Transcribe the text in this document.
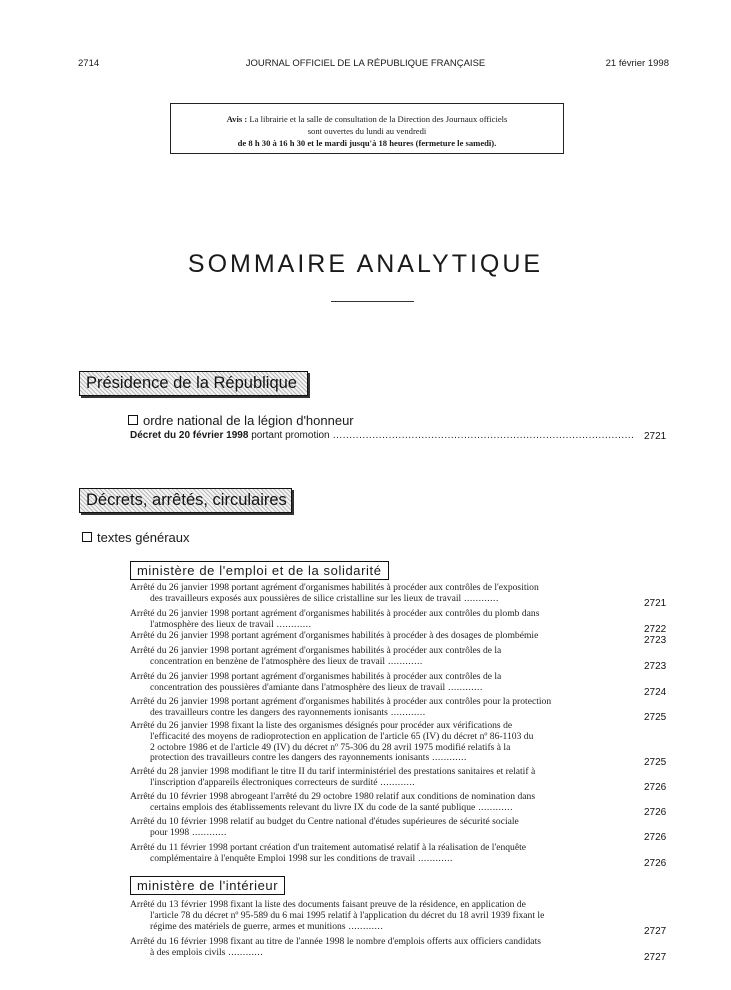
2714	JOURNAL OFFICIEL DE LA RÉPUBLIQUE FRANÇAISE	21 février 1998
Avis : La librairie et la salle de consultation de la Direction des Journaux officiels
sont ouvertes du lundi au vendredi
de 8 h 30 à 16 h 30 et le mardi jusqu'à 18 heures (fermeture le samedi).
SOMMAIRE ANALYTIQUE
Présidence de la République
ordre national de la légion d'honneur
Décret du 20 février 1998 portant promotion ............................................................................................ 2721
Décrets, arrêtés, circulaires
textes généraux
ministère de l'emploi et de la solidarité
Arrêté du 26 janvier 1998 portant agrément d'organismes habilités à procéder aux contrôles de l'exposition
des travailleurs exposés aux poussières de silice cristalline sur les lieux de travail ............	2721
Arrêté du 26 janvier 1998 portant agrément d'organismes habilités à procéder aux contrôles du plomb dans
l'atmosphère des lieux de travail ............	2722
Arrêté du 26 janvier 1998 portant agrément d'organismes habilités à procéder à des dosages de plombémie	2723
Arrêté du 26 janvier 1998 portant agrément d'organismes habilités à procéder aux contrôles de la
concentration en benzène de l'atmosphère des lieux de travail ............	2723
Arrêté du 26 janvier 1998 portant agrément d'organismes habilités à procéder aux contrôles de la
concentration des poussières d'amiante dans l'atmosphère des lieux de travail ............	2724
Arrêté du 26 janvier 1998 portant agrément d'organismes habilités à procéder aux contrôles pour la protection
des travailleurs contre les dangers des rayonnements ionisants ............	2725
Arrêté du 26 janvier 1998 fixant la liste des organismes désignés pour procéder aux vérifications de
l'efficacité des moyens de radioprotection en application de l'article 65 (IV) du décret nº 86-1103 du
2 octobre 1986 et de l'article 49 (IV) du décret nº 75-306 du 28 avril 1975 modifié relatifs à la
protection des travailleurs contre les dangers des rayonnements ionisants ............	2725
Arrêté du 28 janvier 1998 modifiant le titre II du tarif interministériel des prestations sanitaires et relatif à
l'inscription d'appareils électroniques correcteurs de surdité ............	2726
Arrêté du 10 février 1998 abrogeant l'arrêté du 29 octobre 1980 relatif aux conditions de nomination dans
certains emplois des établissements relevant du livre IX du code de la santé publique ............	2726
Arrêté du 10 février 1998 relatif au budget du Centre national d'études supérieures de sécurité sociale
pour 1998 ............	2726
Arrêté du 11 février 1998 portant création d'un traitement automatisé relatif à la réalisation de l'enquête
complémentaire à l'enquête Emploi 1998 sur les conditions de travail ............	2726
ministère de l'intérieur
Arrêté du 13 février 1998 fixant la liste des documents faisant preuve de la résidence, en application de
l'article 78 du décret nº 95-589 du 6 mai 1995 relatif à l'application du décret du 18 avril 1939 fixant le
régime des matériels de guerre, armes et munitions ............	2727
Arrêté du 16 février 1998 fixant au titre de l'année 1998 le nombre d'emplois offerts aux officiers candidats
à des emplois civils ............	2727
